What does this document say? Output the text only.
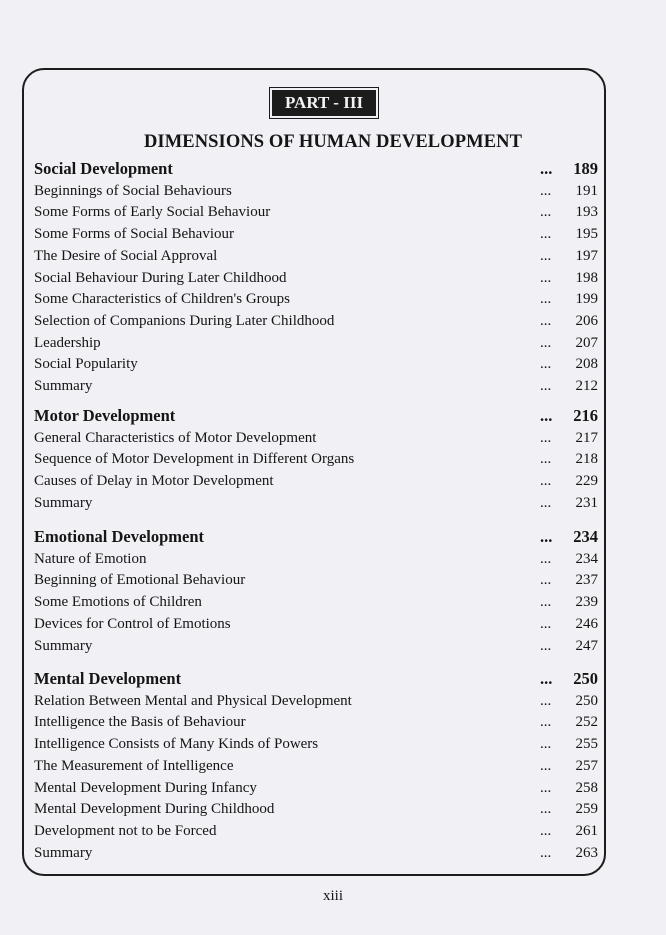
PART - III
DIMENSIONS OF HUMAN DEVELOPMENT
Social Development	... 189
Beginnings of Social Behaviours	... 191
Some Forms of Early Social Behaviour	... 193
Some Forms of Social Behaviour	... 195
The Desire of Social Approval	... 197
Social Behaviour During Later Childhood	... 198
Some Characteristics of Children's Groups	... 199
Selection of Companions During Later Childhood	... 206
Leadership	... 207
Social Popularity	... 208
Summary	... 212
Motor Development	... 216
General Characteristics of Motor Development	... 217
Sequence of Motor Development in Different Organs	... 218
Causes of Delay in Motor Development	... 229
Summary	... 231
Emotional Development	... 234
Nature of Emotion	... 234
Beginning of Emotional Behaviour	... 237
Some Emotions of Children	... 239
Devices for Control of Emotions	... 246
Summary	... 247
Mental Development	... 250
Relation Between Mental and Physical Development	... 250
Intelligence the Basis of Behaviour	... 252
Intelligence Consists of Many Kinds of Powers	... 255
The Measurement of Intelligence	... 257
Mental Development During Infancy	... 258
Mental Development During Childhood	... 259
Development not to be Forced	... 261
Summary	... 263
xiii
